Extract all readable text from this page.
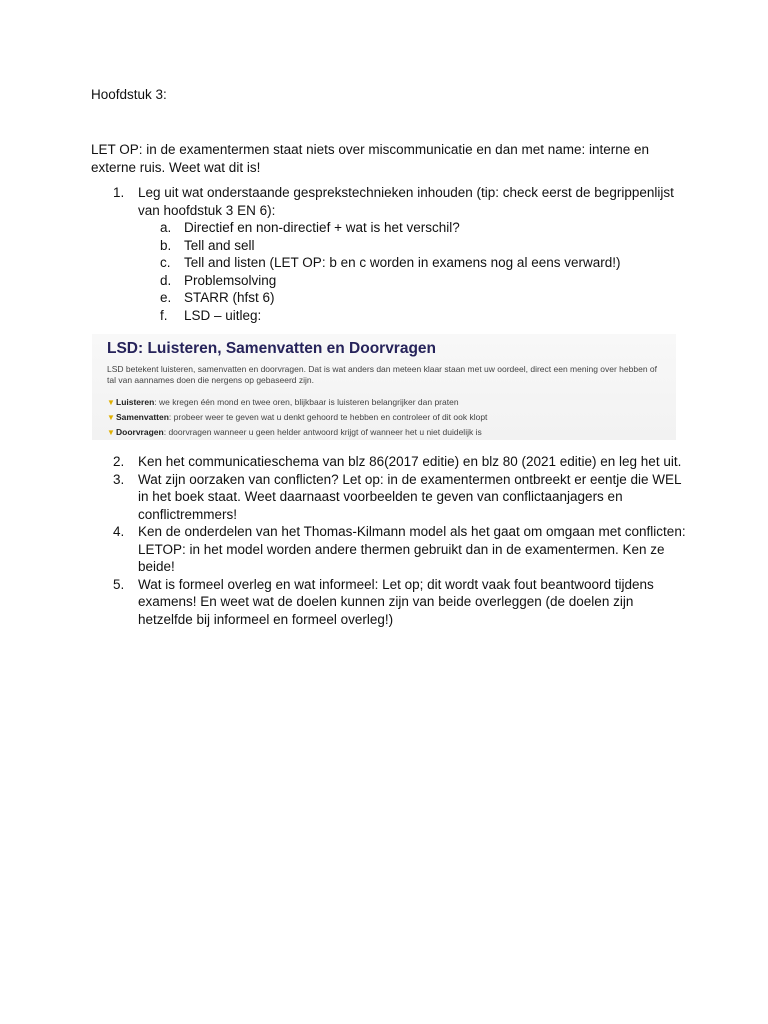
Hoofdstuk 3:
LET OP: in de examentermen staat niets over miscommunicatie en dan met name: interne en externe ruis. Weet wat dit is!
1. Leg uit wat onderstaande gesprekstechnieken inhouden (tip: check eerst de begrippenlijst van hoofdstuk 3 EN 6):
a. Directief en non-directief + wat is het verschil?
b. Tell and sell
c. Tell and listen (LET OP: b en c worden in examens nog al eens verward!)
d. Problemsolving
e. STARR (hfst 6)
f. LSD – uitleg:
LSD: Luisteren, Samenvatten en Doorvragen
LSD betekent luisteren, samenvatten en doorvragen. Dat is wat anders dan meteen klaar staan met uw oordeel, direct een mening over hebben of tal van aannames doen die nergens op gebaseerd zijn.
▼Luisteren: we kregen één mond en twee oren, blijkbaar is luisteren belangrijker dan praten
▼Samenvatten: probeer weer te geven wat u denkt gehoord te hebben en controleer of dit ook klopt
▼Doorvragen: doorvragen wanneer u geen helder antwoord krijgt of wanneer het u niet duidelijk is
2. Ken het communicatieschema van blz 86(2017 editie) en blz 80 (2021 editie) en leg het uit.
3. Wat zijn oorzaken van conflicten? Let op: in de examentermen ontbreekt er eentje die WEL in het boek staat. Weet daarnaast voorbeelden te geven van conflictaanjagers en conflictremmers!
4. Ken de onderdelen van het Thomas-Kilmann model als het gaat om omgaan met conflicten: LETOP: in het model worden andere thermen gebruikt dan in de examentermen. Ken ze beide!
5. Wat is formeel overleg en wat informeel: Let op; dit wordt vaak fout beantwoord tijdens examens! En weet wat de doelen kunnen zijn van beide overleggen (de doelen zijn hetzelfde bij informeel en formeel overleg!)
